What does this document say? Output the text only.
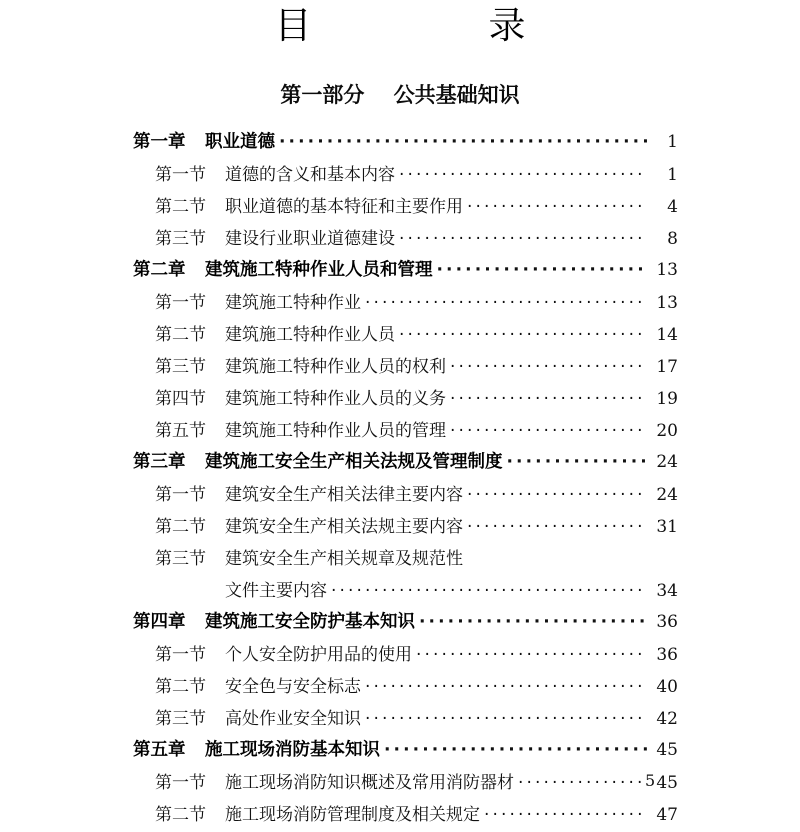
目    录
第一部分    公共基础知识
第一章	职业道德 ·····	1
第一节	道德的含义和基本内容 ·····	1
第二节	职业道德的基本特征和主要作用 ·····	4
第三节	建设行业职业道德建设 ·····	8
第二章	建筑施工特种作业人员和管理 ·····	13
第一节	建筑施工特种作业 ·····	13
第二节	建筑施工特种作业人员 ·····	14
第三节	建筑施工特种作业人员的权利 ·····	17
第四节	建筑施工特种作业人员的义务 ·····	19
第五节	建筑施工特种作业人员的管理 ·····	20
第三章	建筑施工安全生产相关法规及管理制度 ·····	24
第一节	建筑安全生产相关法律主要内容 ·····	24
第二节	建筑安全生产相关法规主要内容 ·····	31
第三节	建筑安全生产相关规章及规范性
文件主要内容 ·····	34
第四章	建筑施工安全防护基本知识 ·····	36
第一节	个人安全防护用品的使用 ·····	36
第二节	安全色与安全标志 ·····	40
第三节	高处作业安全知识 ·····	42
第五章	施工现场消防基本知识 ·····	45
第一节	施工现场消防知识概述及常用消防器材 ·····	45
第二节	施工现场消防管理制度及相关规定 ·····	47
5
